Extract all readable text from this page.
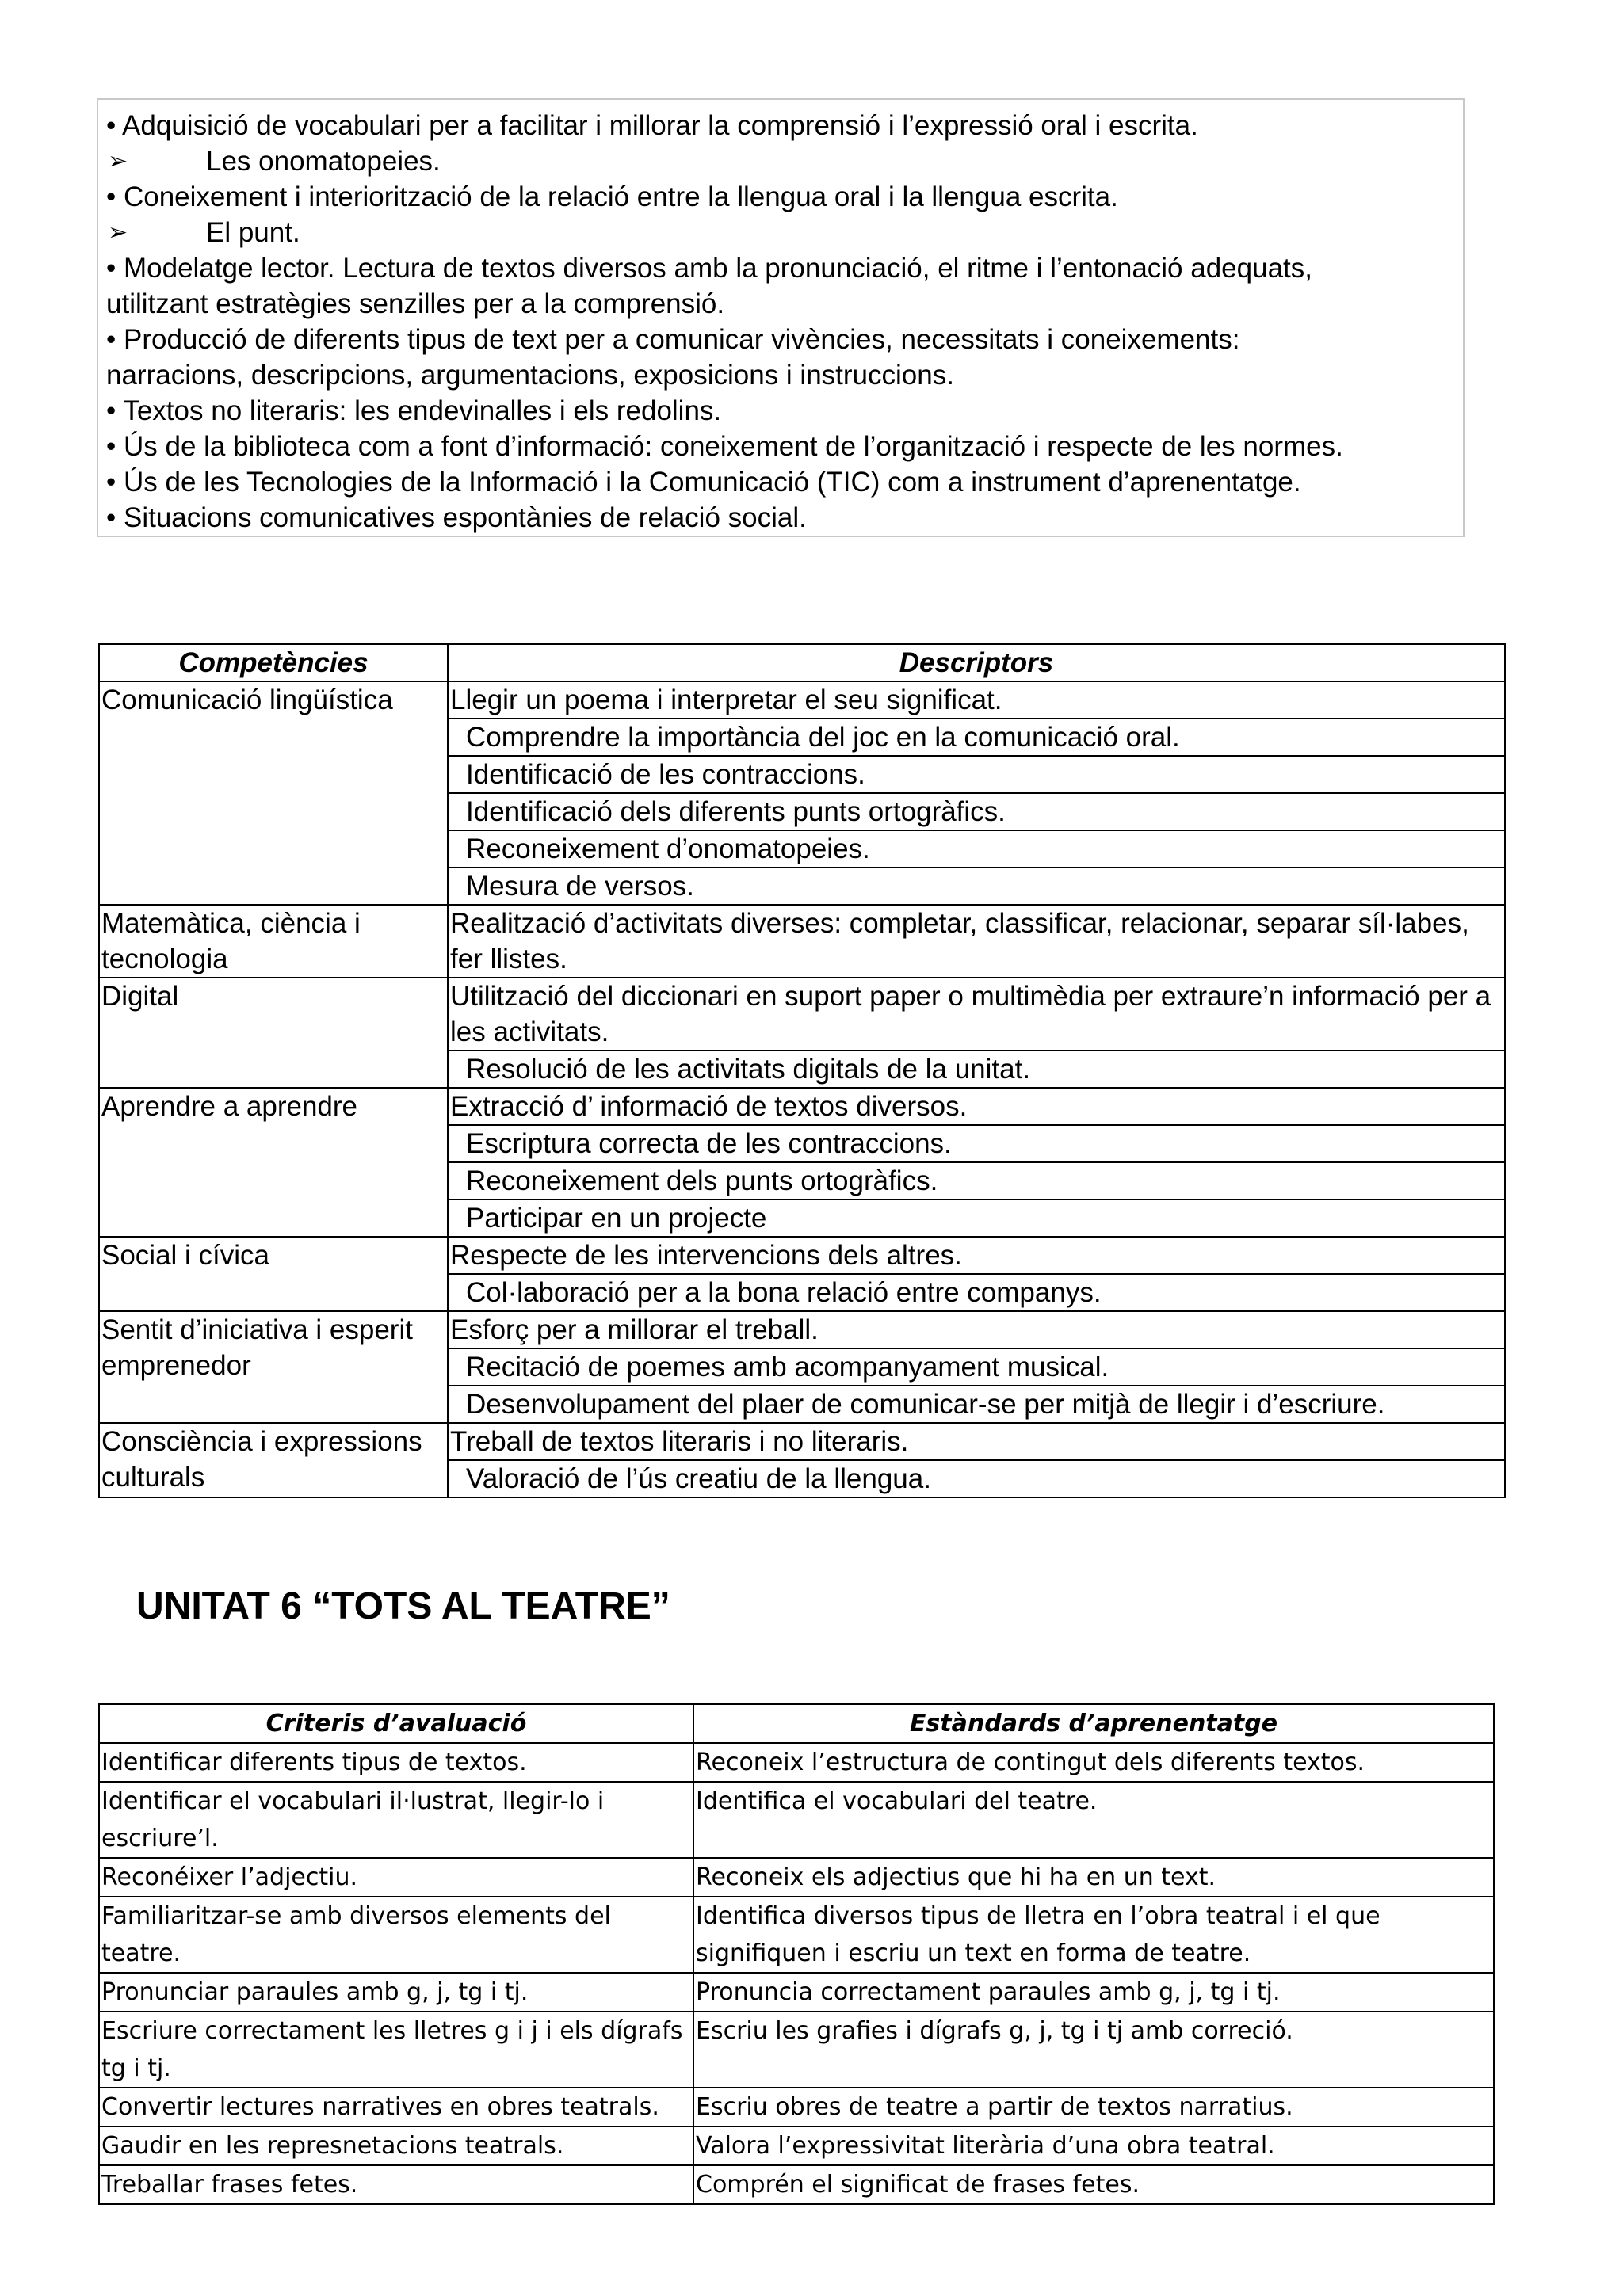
• Adquisició de vocabulari per a facilitar i millorar la comprensió i l’expressió oral i escrita.
➢	Les onomatopeies.
• Coneixement i interiorització de la relació entre la llengua oral i la llengua escrita.
➢	El punt.
• Modelatge lector. Lectura de textos diversos amb la pronunciació, el ritme i l’entonació adequats,
utilitzant estratègies senzilles per a la comprensió.
• Producció de diferents tipus de text per a comunicar vivències, necessitats i coneixements:
narracions, descripcions, argumentacions, exposicions i instruccions.
• Textos no literaris: les endevinalles i els redolins.
• Ús de la biblioteca com a font d’informació: coneixement de l’organització i respecte de les normes.
• Ús de les Tecnologies de la Informació i la Comunicació (TIC) com a instrument d’aprenentatge.
• Situacions comunicatives espontànies de relació social.
Competències	Descriptors
Comunicació lingüística	Llegir un poema i interpretar el seu significat.
	Comprendre la importància del joc en la comunicació oral.
	Identificació de les contraccions.
	Identificació dels diferents punts ortogràfics.
	Reconeixement d’onomatopeies.
	Mesura de versos.
Matemàtica, ciència i tecnologia	Realització d’activitats diverses: completar, classificar, relacionar, separar síl·labes, fer llistes.
Digital	Utilització del diccionari en suport paper o multimèdia per extraure’n informació per a les activitats.
	Resolució de les activitats digitals de la unitat.
Aprendre a aprendre	Extracció d’ informació de textos diversos.
	Escriptura correcta de les contraccions.
	Reconeixement dels punts ortogràfics.
	Participar en un projecte
Social i cívica	Respecte de les intervencions dels altres.
	Col·laboració per a la bona relació entre companys.
Sentit d’iniciativa i esperit emprenedor	Esforç per a millorar el treball.
	Recitació de poemes amb acompanyament musical.
	Desenvolupament del plaer de comunicar-se per mitjà de llegir i d’escriure.
Consciència i expressions culturals	Treball de textos literaris i no literaris.
	Valoració de l’ús creatiu de la llengua.
UNITAT 6 “TOTS AL TEATRE”
Criteris d’avaluació	Estàndards d’aprenentatge
Identificar diferents tipus de textos.	Reconeix l’estructura de contingut dels diferents textos.
Identificar el vocabulari il·lustrat, llegir-lo i escriure’l.	Identifica el vocabulari del teatre.
Reconéixer l’adjectiu.	Reconeix els adjectius que hi ha en un text.
Familiaritzar-se amb diversos elements del teatre.	Identifica diversos tipus de lletra en l’obra teatral i el que signifiquen i escriu un text en forma de teatre.
Pronunciar paraules amb g, j, tg i tj.	Pronuncia correctament paraules amb g, j, tg i tj.
Escriure correctament les lletres g i j i els dígrafs tg i tj.	Escriu les grafies i dígrafs g, j, tg i tj amb correció.
Convertir lectures narratives en obres teatrals.	Escriu obres de teatre a partir de textos narratius.
Gaudir en les represnetacions teatrals.	Valora l’expressivitat literària d’una obra teatral.
Treballar frases fetes.	Comprén el significat de frases fetes.
